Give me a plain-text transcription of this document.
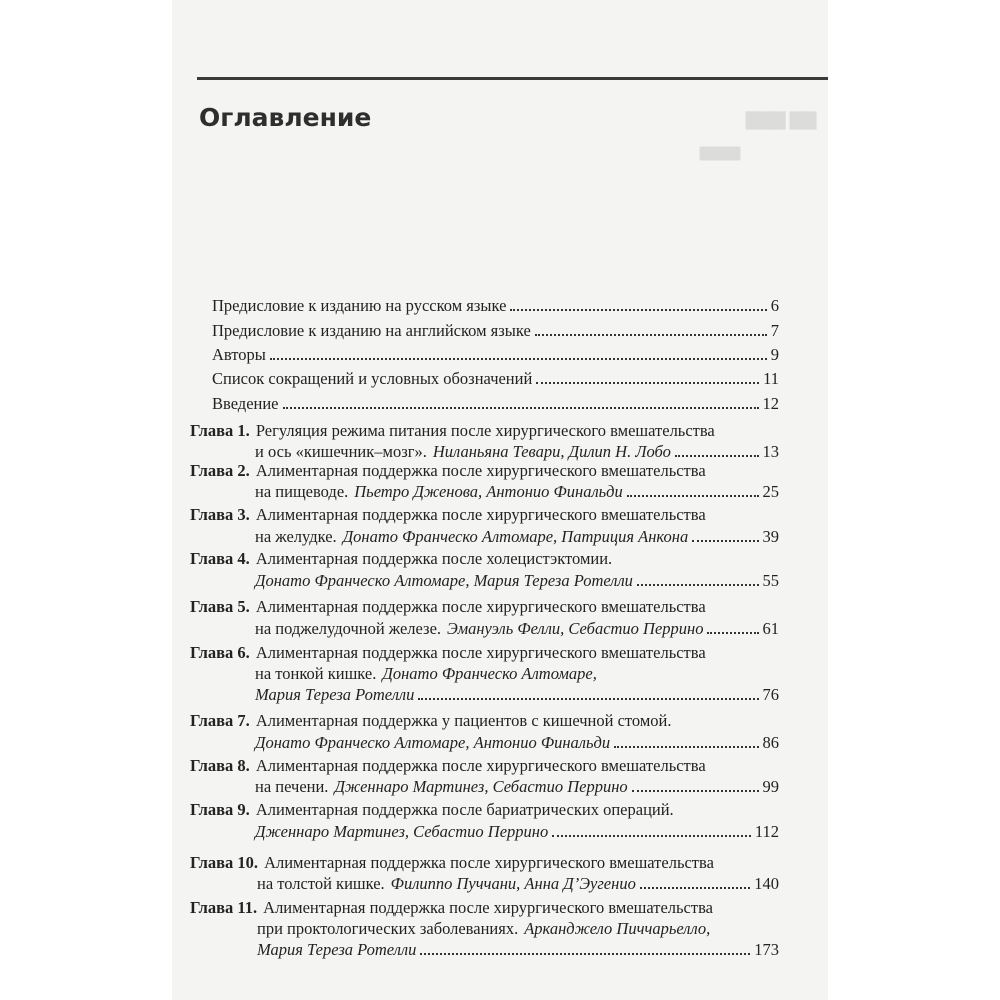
▇▇▇ ▇▇
▇▇▇▇
Оглавление
Предисловие к изданию на русском языке	6
Предисловие к изданию на английском языке	7
Авторы	9
Список сокращений и условных обозначений	11
Введение	12
Глава 1. Регуляция режима питания после хирургического вмешательства
и ось «кишечник–мозг». Ниланьяна Тевари, Дилип Н. Лобо	13
Глава 2. Алиментарная поддержка после хирургического вмешательства
на пищеводе. Пьетро Дженова, Антонио Финальди	25
Глава 3. Алиментарная поддержка после хирургического вмешательства
на желудке. Донато Франческо Алтомаре, Патриция Анкона	39
Глава 4. Алиментарная поддержка после холецистэктомии.
Донато Франческо Алтомаре, Мария Тереза Ротелли	55
Глава 5. Алиментарная поддержка после хирургического вмешательства
на поджелудочной железе. Эмануэль Фелли, Себастио Перрино	61
Глава 6. Алиментарная поддержка после хирургического вмешательства
на тонкой кишке. Донато Франческо Алтомаре,
Мария Тереза Ротелли	76
Глава 7. Алиментарная поддержка у пациентов с кишечной стомой.
Донато Франческо Алтомаре, Антонио Финальди	86
Глава 8. Алиментарная поддержка после хирургического вмешательства
на печени. Дженнаро Мартинез, Себастио Перрино	99
Глава 9. Алиментарная поддержка после бариатрических операций.
Дженнаро Мартинез, Себастио Перрино	112
Глава 10. Алиментарная поддержка после хирургического вмешательства
на толстой кишке. Филиппо Пуччани, Анна Д’Эугенио	140
Глава 11. Алиментарная поддержка после хирургического вмешательства
при проктологических заболеваниях. Арканджело Пиччарьелло,
Мария Тереза Ротелли	173
